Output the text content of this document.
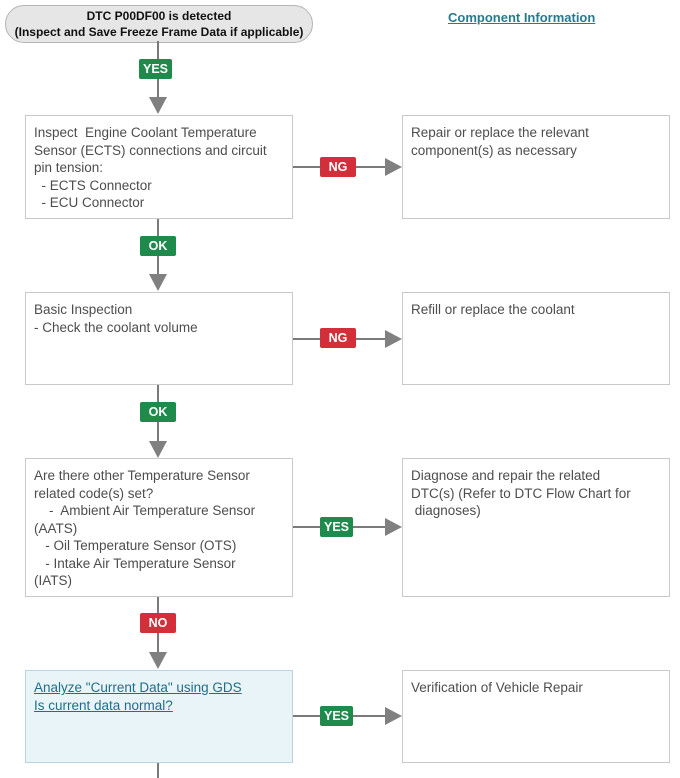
DTC P00DF00 is detected
(Inspect and Save Freeze Frame Data if applicable)
Component Information
YES
Inspect  Engine Coolant Temperature
Sensor (ECTS) connections and circuit
pin tension:
- ECTS Connector
- ECU Connector
NG
Repair or replace the relevant
component(s) as necessary
OK
Basic Inspection
- Check the coolant volume
NG
Refill or replace the coolant
OK
Are there other Temperature Sensor
related code(s) set?
-  Ambient Air Temperature Sensor
(AATS)
- Oil Temperature Sensor (OTS)
- Intake Air Temperature Sensor
(IATS)
YES
Diagnose and repair the related
DTC(s) (Refer to DTC Flow Chart for
diagnoses)
NO
Analyze "Current Data" using GDS
Is current data normal?
YES
Verification of Vehicle Repair
